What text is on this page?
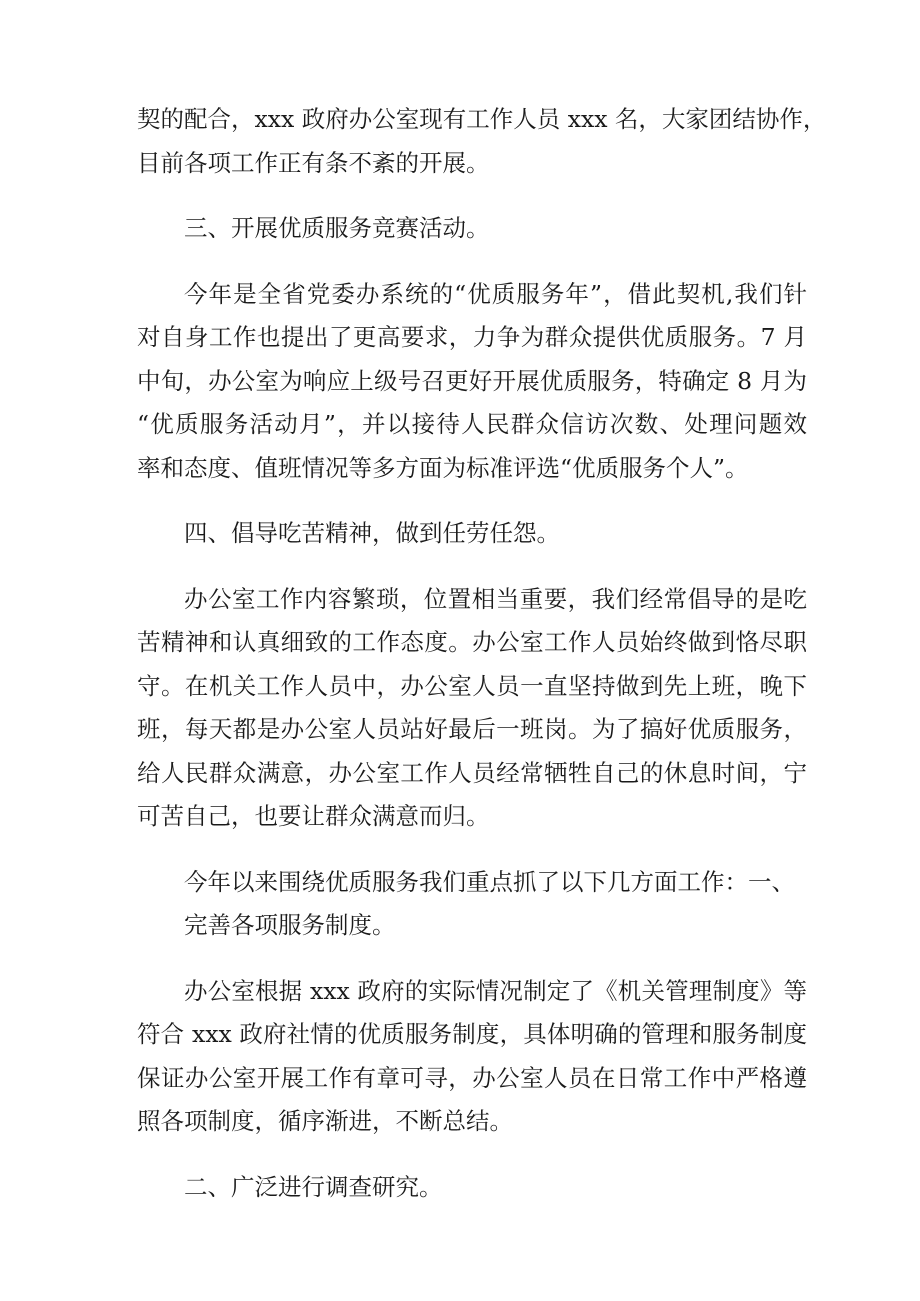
契的配合，xxx 政府办公室现有工作人员 xxx 名，大家团结协作，
目前各项工作正有条不紊的开展。

三、开展优质服务竞赛活动。

今年是全省党委办系统的“优质服务年”，借此契机,我们针
对自身工作也提出了更高要求，力争为群众提供优质服务。7 月
中旬，办公室为响应上级号召更好开展优质服务，特确定 8 月为
“优质服务活动月”，并以接待人民群众信访次数、处理问题效
率和态度、值班情况等多方面为标准评选“优质服务个人”。

四、倡导吃苦精神，做到任劳任怨。

办公室工作内容繁琐，位置相当重要，我们经常倡导的是吃
苦精神和认真细致的工作态度。办公室工作人员始终做到恪尽职
守。在机关工作人员中，办公室人员一直坚持做到先上班，晚下
班，每天都是办公室人员站好最后一班岗。为了搞好优质服务，
给人民群众满意，办公室工作人员经常牺牲自己的休息时间，宁
可苦自己，也要让群众满意而归。

今年以来围绕优质服务我们重点抓了以下几方面工作：一、
完善各项服务制度。

办公室根据 xxx 政府的实际情况制定了《机关管理制度》等
符合 xxx 政府社情的优质服务制度，具体明确的管理和服务制度
保证办公室开展工作有章可寻，办公室人员在日常工作中严格遵
照各项制度，循序渐进，不断总结。

二、广泛进行调查研究。
